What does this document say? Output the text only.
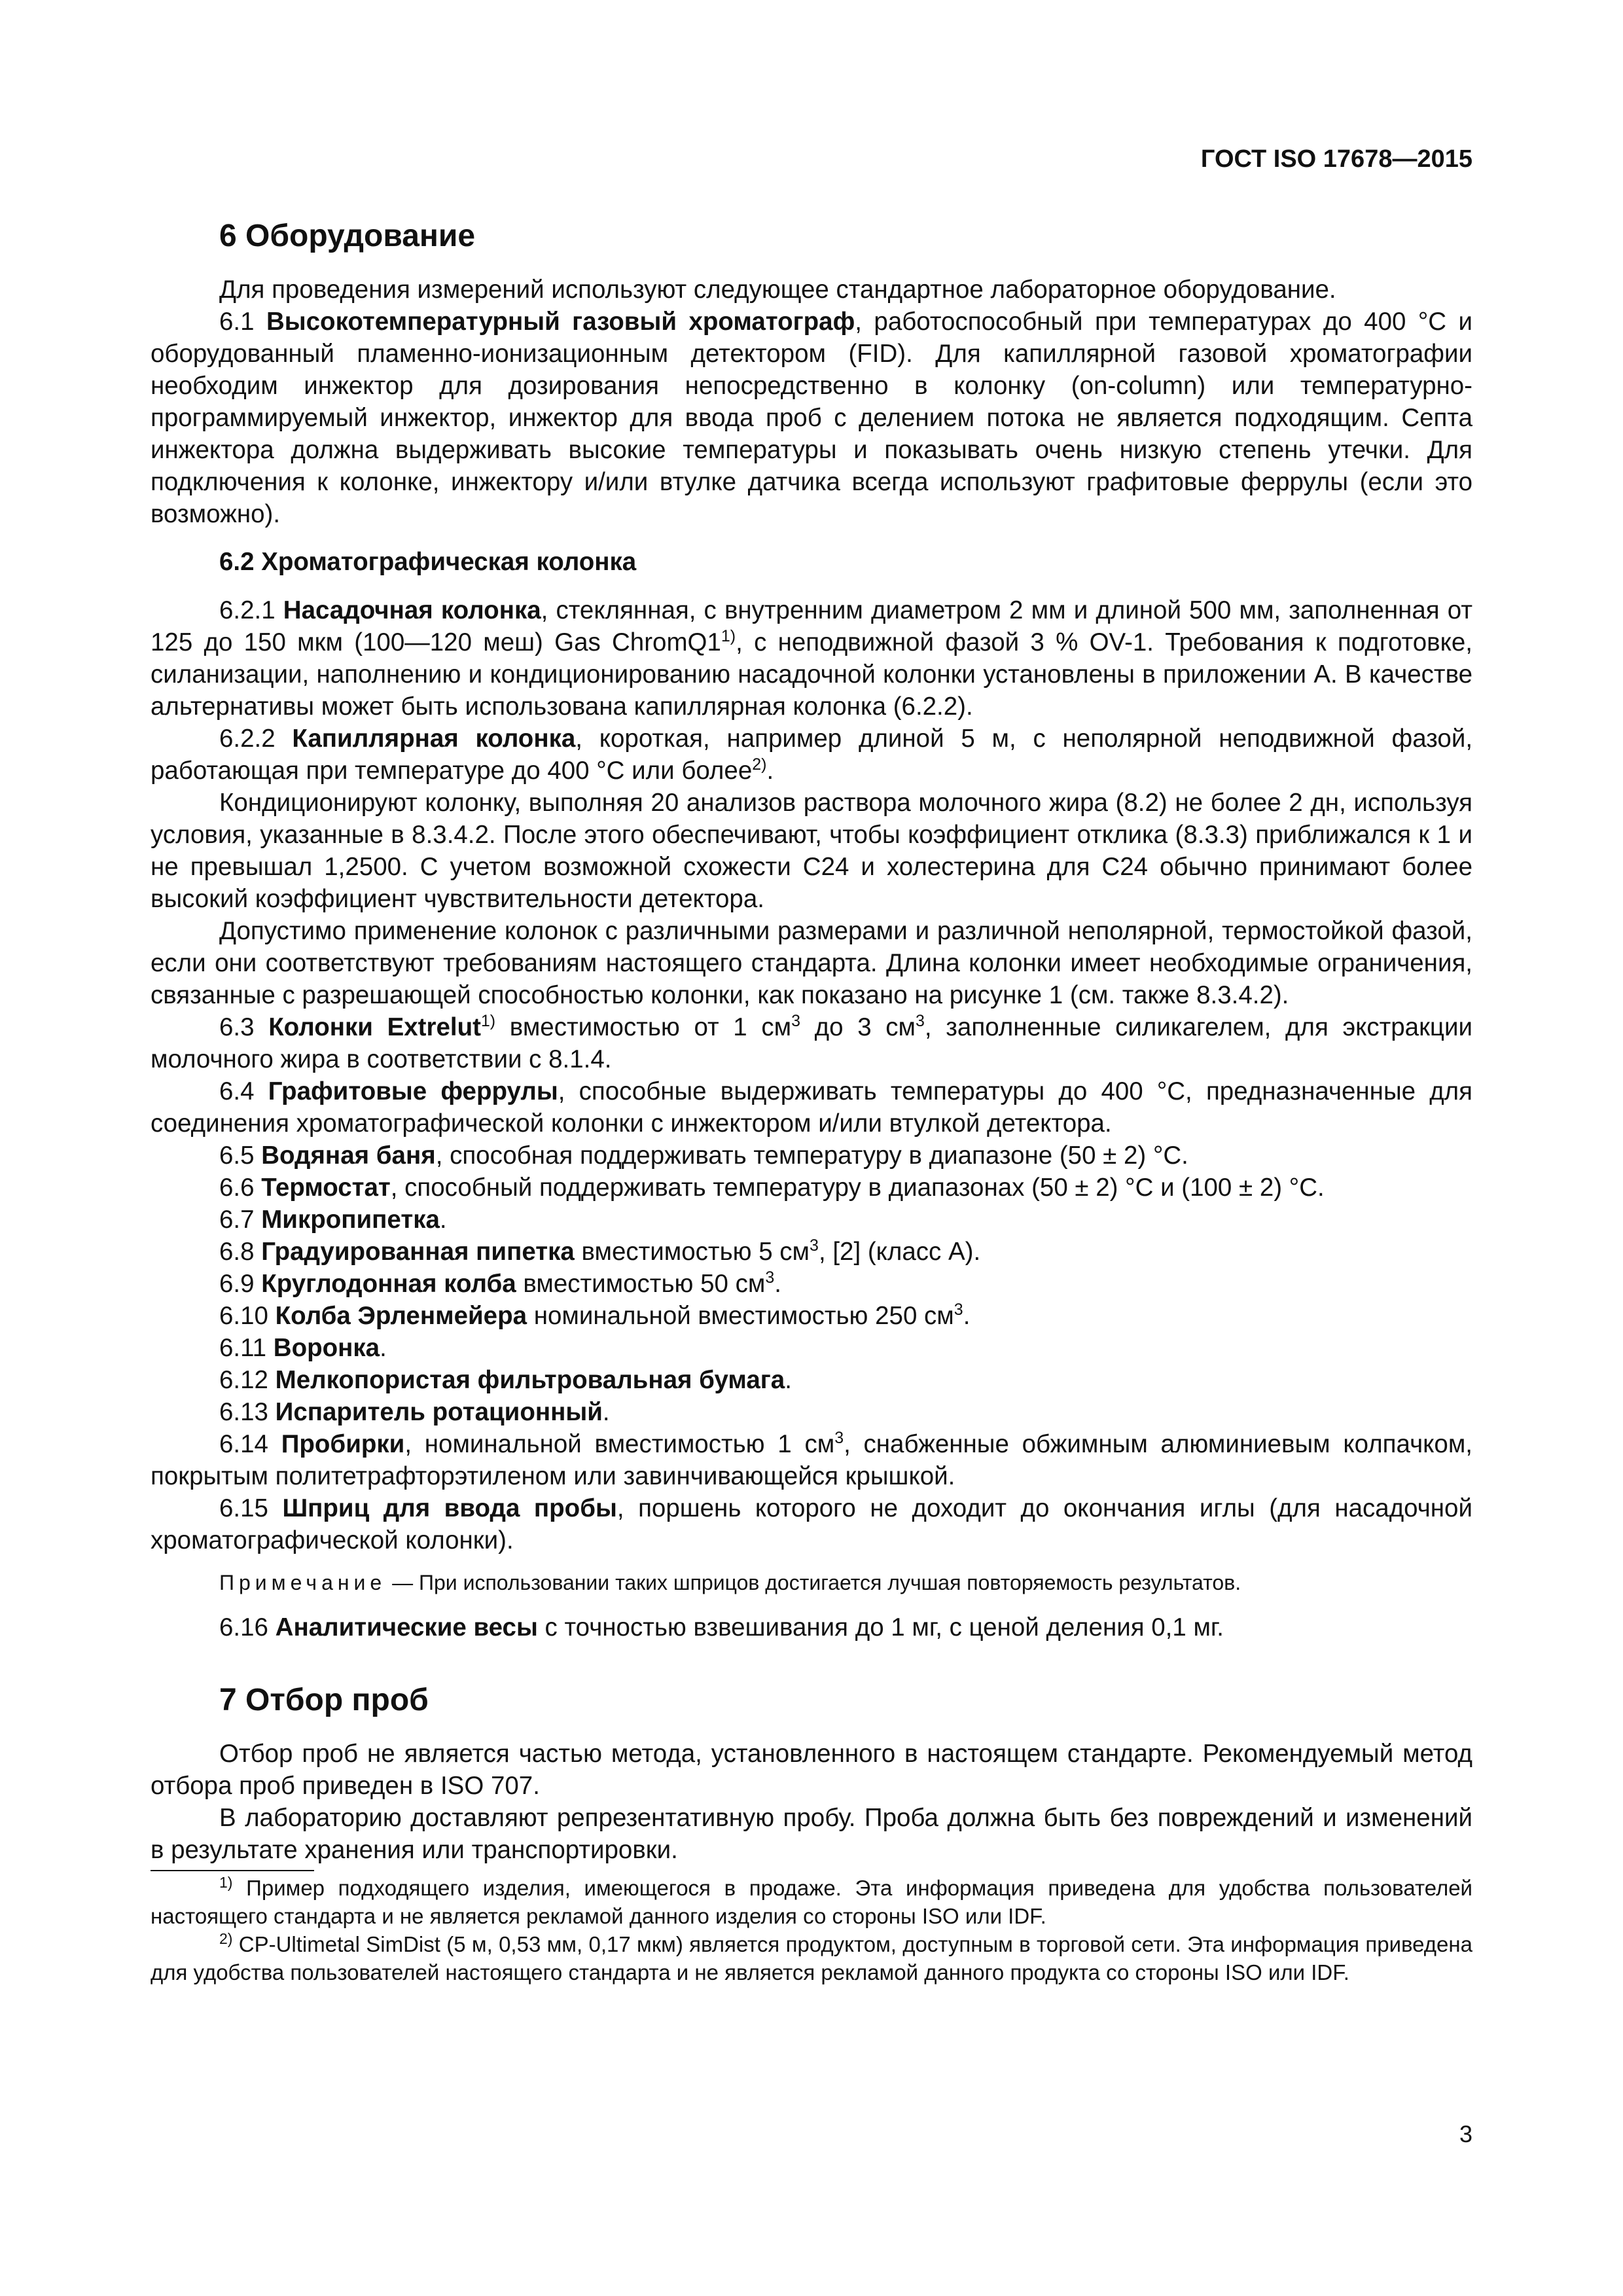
ГОСТ ISO 17678—2015
6 Оборудование

Для проведения измерений используют следующее стандартное лабораторное оборудование.

6.1 Высокотемпературный газовый хроматограф, работоспособный при температурах до 400 °С и оборудованный пламенно-ионизационным детектором (FID). Для капиллярной газовой хроматографии необходим инжектор для дозирования непосредственно в колонку (on-column) или температурно-программируемый инжектор, инжектор для ввода проб с делением потока не является подходящим. Септа инжектора должна выдерживать высокие температуры и показывать очень низкую степень утечки. Для подключения к колонке, инжектору и/или втулке датчика всегда используют графитовые феррулы (если это возможно).

6.2 Хроматографическая колонка

6.2.1 Насадочная колонка, стеклянная, с внутренним диаметром 2 мм и длиной 500 мм, заполненная от 125 до 150 мкм (100—120 меш) Gas ChromQ1$^{1)}$, с неподвижной фазой 3 % OV-1. Требования к подготовке, силанизации, наполнению и кондиционированию насадочной колонки установлены в приложении А. В качестве альтернативы может быть использована капиллярная колонка (6.2.2).

6.2.2 Капиллярная колонка, короткая, например длиной 5 м, с неполярной неподвижной фазой, работающая при температуре до 400 °С или более$^{2)}$.

Кондиционируют колонку, выполняя 20 анализов раствора молочного жира (8.2) не более 2 дн, используя условия, указанные в 8.3.4.2. После этого обеспечивают, чтобы коэффициент отклика (8.3.3) приближался к 1 и не превышал 1,2500. С учетом возможной схожести С24 и холестерина для С24 обычно принимают более высокий коэффициент чувствительности детектора.

Допустимо применение колонок с различными размерами и различной неполярной, термостойкой фазой, если они соответствуют требованиям настоящего стандарта. Длина колонки имеет необходимые ограничения, связанные с разрешающей способностью колонки, как показано на рисунке 1 (см. также 8.3.4.2).

6.3 Колонки Extrelut$^{1)}$ вместимостью от 1 $см^3$ до 3 $см^3$, заполненные силикагелем, для экстракции молочного жира в соответствии с 8.1.4.

6.4 Графитовые феррулы, способные выдерживать температуры до 400 °С, предназначенные для соединения хроматографической колонки с инжектором и/или втулкой детектора.

6.5 Водяная баня, способная поддерживать температуру в диапазоне (50 ± 2) °С.

6.6 Термостат, способный поддерживать температуру в диапазонах (50 ± 2) °С и (100 ± 2) °С.

6.7 Микропипетка.

6.8 Градуированная пипетка вместимостью 5 $см^3$, [2] (класс А).

6.9 Круглодонная колба вместимостью 50 $см^3$.

6.10 Колба Эрленмейера номинальной вместимостью 250 $см^3$.

6.11 Воронка.

6.12 Мелкопористая фильтровальная бумага.

6.13 Испаритель ротационный.

6.14 Пробирки, номинальной вместимостью 1 $см^3$, снабженные обжимным алюминиевым колпачком, покрытым политетрафторэтиленом или завинчивающейся крышкой.

6.15 Шприц для ввода пробы, поршень которого не доходит до окончания иглы (для насадочной хроматографической колонки).

Примечание — При использовании таких шприцов достигается лучшая повторяемость результатов.

6.16 Аналитические весы с точностью взвешивания до 1 мг, с ценой деления 0,1 мг.

7 Отбор проб

Отбор проб не является частью метода, установленного в настоящем стандарте. Рекомендуемый метод отбора проб приведен в ISO 707.

В лабораторию доставляют репрезентативную пробу. Проба должна быть без повреждений и изменений в результате хранения или транспортировки.

$^{1)}$ Пример подходящего изделия, имеющегося в продаже. Эта информация приведена для удобства пользователей настоящего стандарта и не является рекламой данного изделия со стороны ISO или IDF.

$^{2)}$ CP-Ultimetal SimDist (5 м, 0,53 мм, 0,17 мкм) является продуктом, доступным в торговой сети. Эта информация приведена для удобства пользователей настоящего стандарта и не является рекламой данного продукта со стороны ISO или IDF.

3
